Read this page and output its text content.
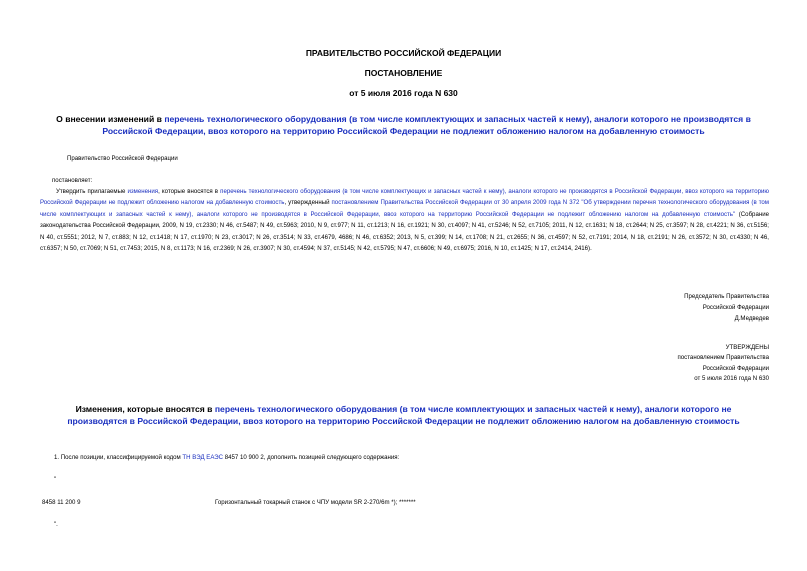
ПРАВИТЕЛЬСТВО РОССИЙСКОЙ ФЕДЕРАЦИИ
ПОСТАНОВЛЕНИЕ
от 5 июля 2016 года N 630
О внесении изменений в перечень технологического оборудования (в том числе комплектующих и запасных частей к нему), аналоги которого не производятся в Российской Федерации, ввоз которого на территорию Российской Федерации не подлежит обложению налогом на добавленную стоимость
Правительство Российской Федерации
постановляет:
Утвердить прилагаемые изменения, которые вносятся в перечень технологического оборудования (в том числе комплектующих и запасных частей к нему), аналоги которого не производятся в Российской Федерации, ввоз которого на территорию Российской Федерации не подлежит обложению налогом на добавленную стоимость, утвержденный постановлением Правительства Российской Федерации от 30 апреля 2009 года N 372 "Об утверждении перечня технологического оборудования (в том числе комплектующих и запасных частей к нему), аналоги которого не производятся в Российской Федерации, ввоз которого на территорию Российской Федерации не подлежит обложению налогом на добавленную стоимость" (Собрание законодательства Российской Федерации, 2009, N 19, ст.2330; N 46, ст.5487; N 49, ст.5963; 2010, N 9, ст.977; N 11, ст.1213; N 16, ст.1921; N 30, ст.4097; N 41, ст.5246; N 52, ст.7105; 2011, N 12, ст.1631; N 18, ст.2644; N 25, ст.3597; N 28, ст.4221; N 36, ст.5156; N 40, ст.5551; 2012, N 7, ст.883; N 12, ст.1418; N 17, ст.1970; N 23, ст.3017; N 26, ст.3514; N 33, ст.4679, 4686; N 46, ст.6352; 2013, N 5, ст.399; N 14, ст.1708; N 21, ст.2655; N 36, ст.4597; N 52, ст.7191; 2014, N 18, ст.2191; N 26, ст.3572; N 30, ст.4330; N 46, ст.6357; N 50, ст.7069; N 51, ст.7453; 2015, N 8, ст.1173; N 16, ст.2369; N 26, ст.3907; N 30, ст.4594; N 37, ст.5145; N 42, ст.5795; N 47, ст.6606; N 49, ст.6975; 2016, N 10, ст.1425; N 17, ст.2414, 2416).
Председатель Правительства
Российской Федерации
Д.Медведев
УТВЕРЖДЕНЫ
постановлением Правительства
Российской Федерации
от 5 июля 2016 года N 630
Изменения, которые вносятся в перечень технологического оборудования (в том числе комплектующих и запасных частей к нему), аналоги которого не производятся в Российской Федерации, ввоз которого на территорию Российской Федерации не подлежит обложению налогом на добавленную стоимость
1. После позиции, классифицируемой кодом ТН ВЭД ЕАЭС 8457 10 900 2, дополнить позицией следующего содержания:
"
8458 11 200 9	Горизонтальный токарный станок с ЧПУ модели SR 2-270/6m *); *******
".
